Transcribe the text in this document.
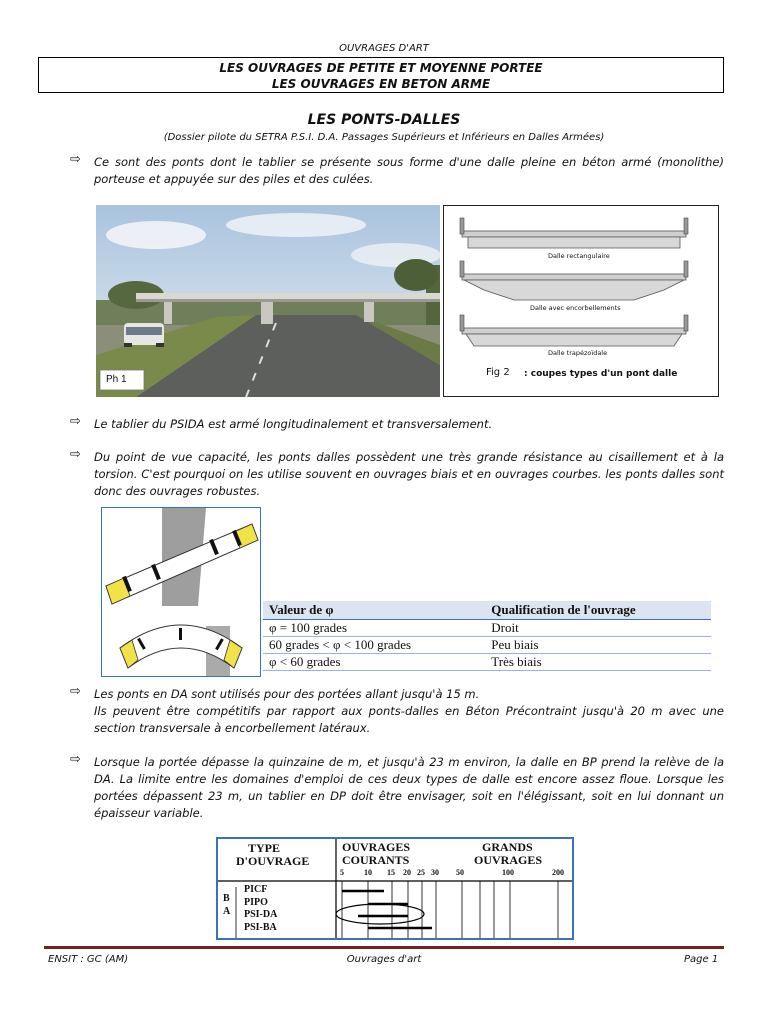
OUVRAGES D'ART
LES OUVRAGES DE PETITE ET MOYENNE PORTEE
LES OUVRAGES EN BETON ARME
LES PONTS-DALLES
(Dossier pilote du SETRA P.S.I. D.A. Passages Supérieurs et Inférieurs en Dalles Armées)
⇨ Ce sont des ponts dont le tablier se présente sous forme d'une dalle pleine en béton armé (monolithe) porteuse et appuyée sur des piles et des culées.
Ph 1
Dalle rectangulaire
Dalle avec encorbellements
Dalle trapézoïdale
Fig 2 : coupes types d'un pont dalle
⇨ Le tablier du PSIDA est armé longitudinalement et transversalement.
⇨ Du point de vue capacité, les ponts dalles possèdent une très grande résistance au cisaillement et à la torsion. C'est pourquoi on les utilise souvent en ouvrages biais et en ouvrages courbes. les ponts dalles sont donc des ouvrages robustes.
Valeur de φ	Qualification de l'ouvrage
φ = 100 grades	Droit
60 grades < φ < 100 grades	Peu biais
φ < 60 grades	Très biais
⇨ Les ponts en DA sont utilisés pour des portées allant jusqu'à 15 m.
Ils peuvent être compétitifs par rapport aux ponts-dalles en Béton Précontraint jusqu'à 20 m avec une section transversale à encorbellement latéraux.
⇨ Lorsque la portée dépasse la quinzaine de m, et jusqu'à 23 m environ, la dalle en BP prend la relève de la DA. La limite entre les domaines d'emploi de ces deux types de dalle est encore assez floue. Lorsque les portées dépassent 23 m, un tablier en DP doit être envisager, soit en l'élégissant, soit en lui donnant un épaisseur variable.
TYPE
D'OUVRAGE
OUVRAGES
COURANTS
GRANDS
OUVRAGES
5	10 15 20 25 30 50	100	200
B
A
PICF
PIPO
PSI-DA
PSI-BA
ENSIT : GC (AM)	Ouvrages d'art	Page 1
